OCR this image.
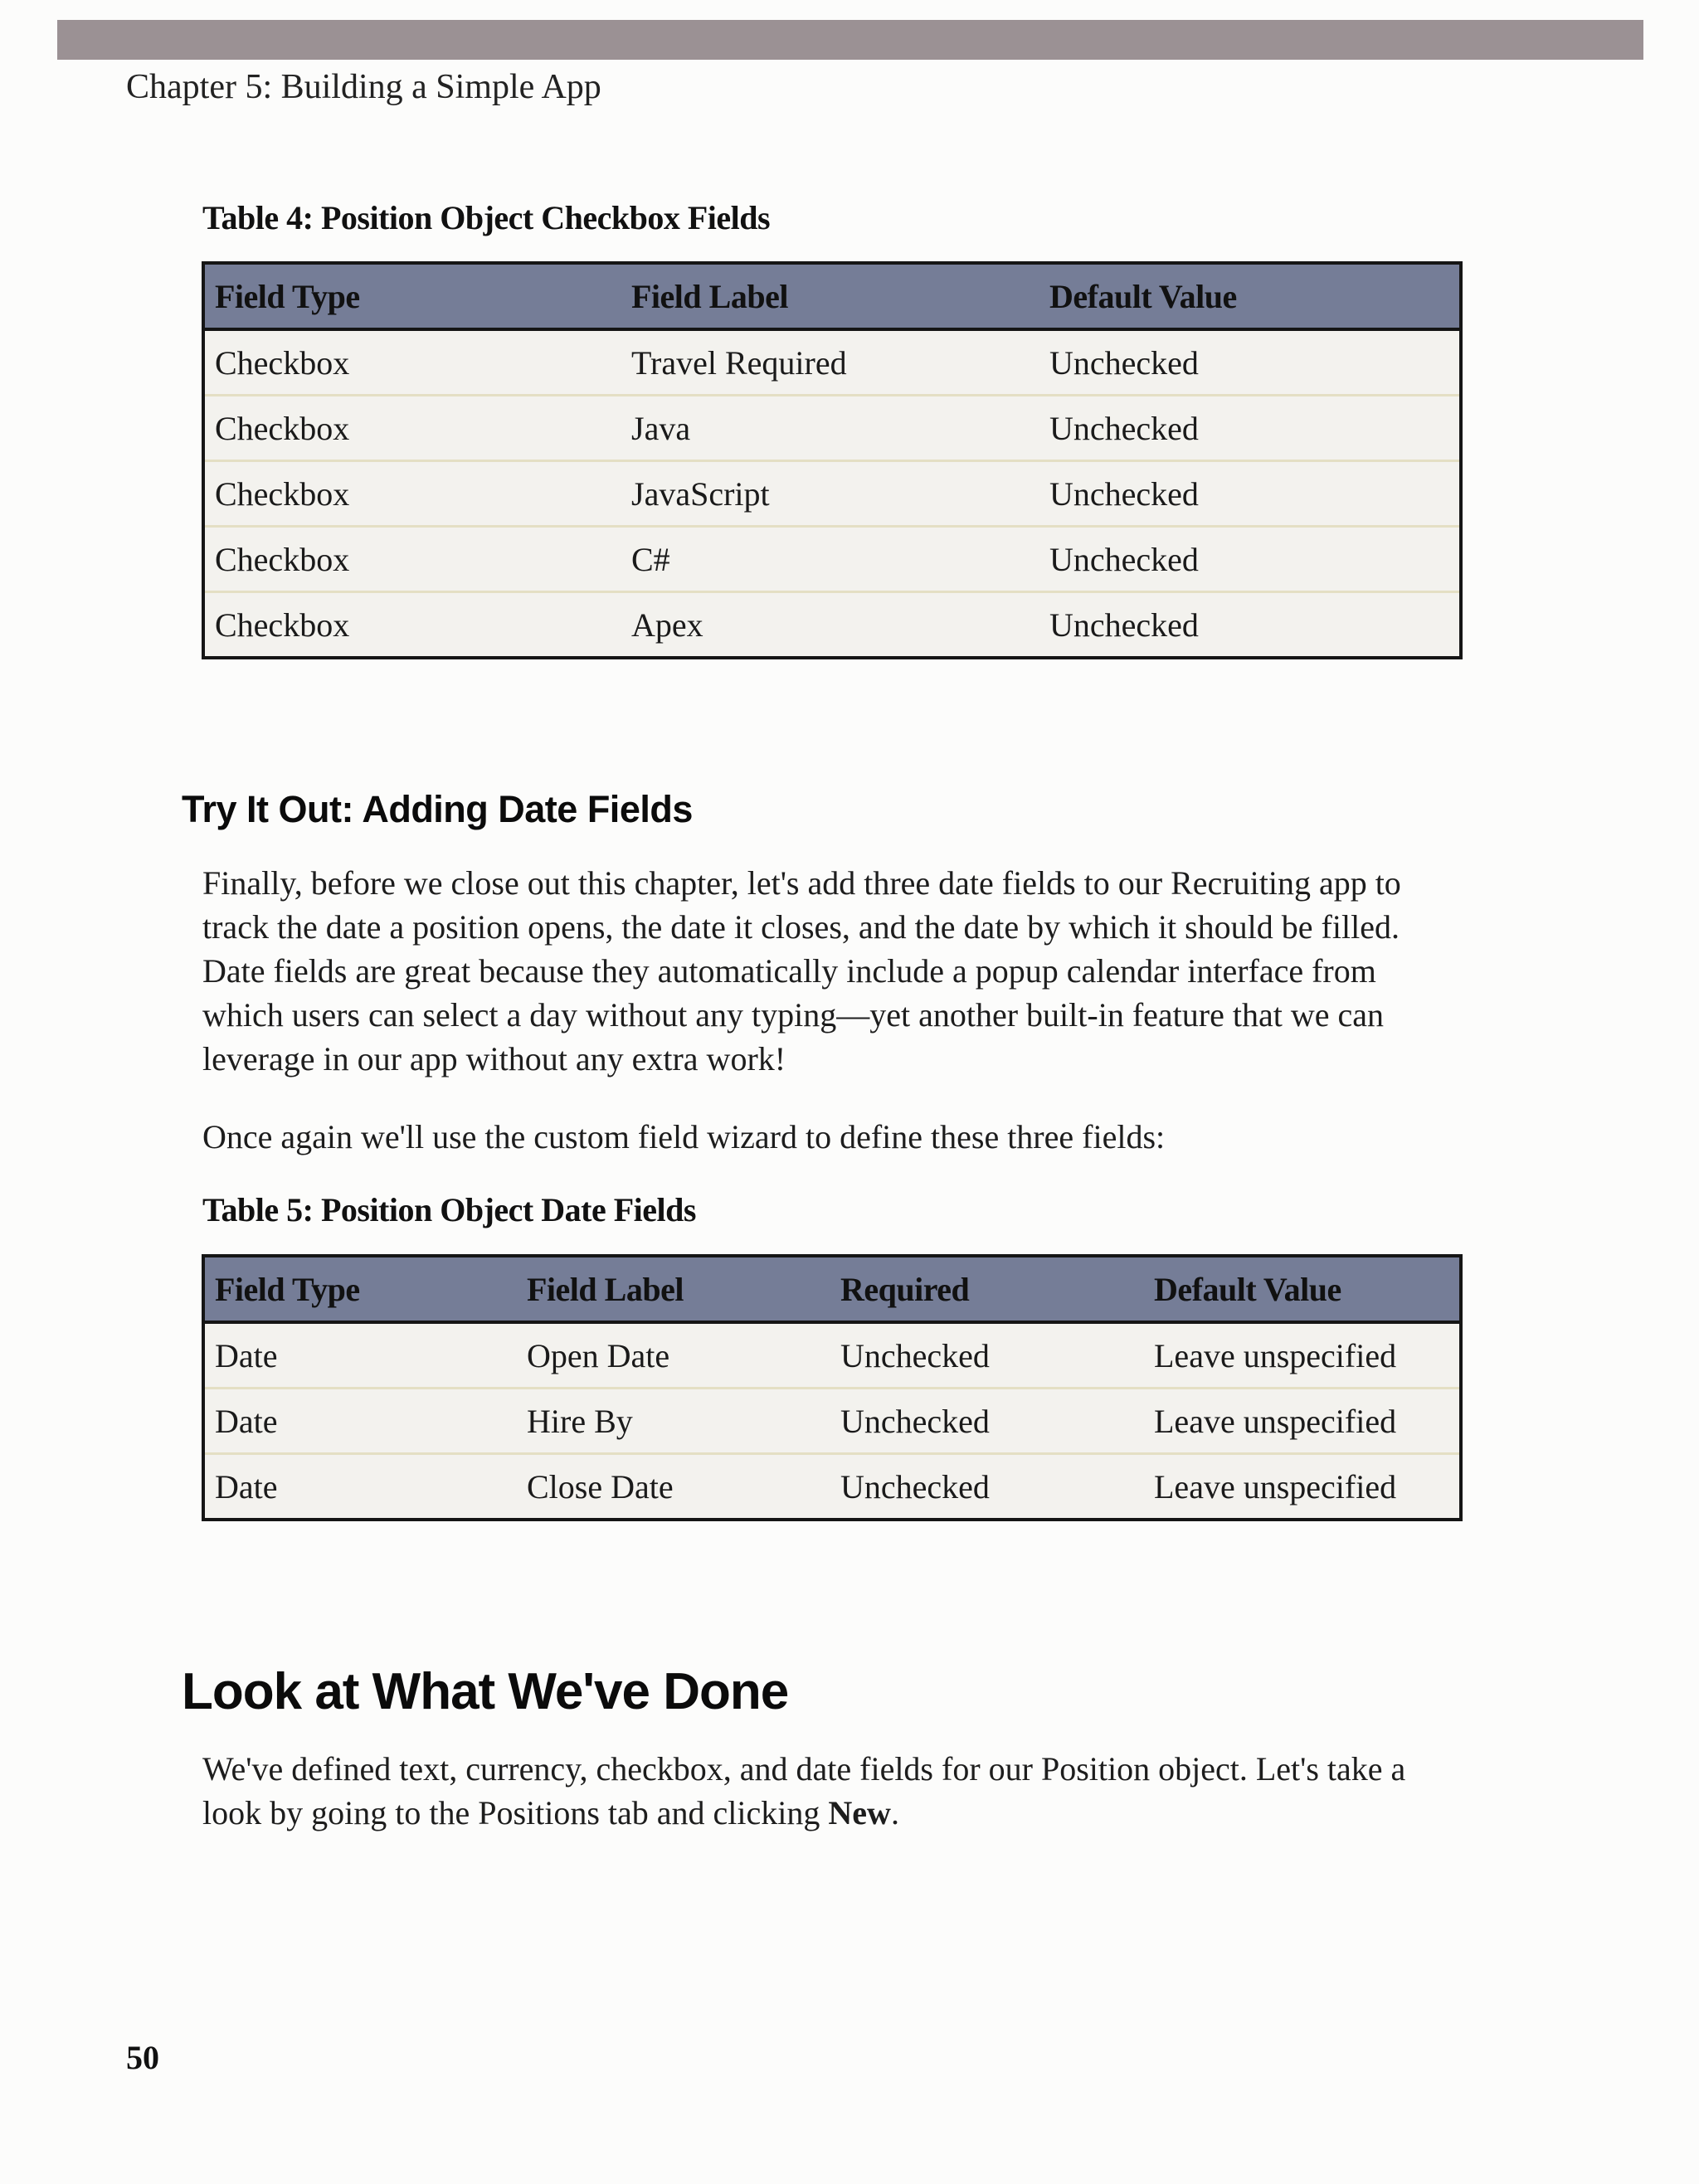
Chapter 5: Building a Simple App
Table 4: Position Object Checkbox Fields
Field Type	Field Label	Default Value
Checkbox	Travel Required	Unchecked
Checkbox	Java	Unchecked
Checkbox	JavaScript	Unchecked
Checkbox	C#	Unchecked
Checkbox	Apex	Unchecked
Try It Out: Adding Date Fields

Finally, before we close out this chapter, let's add three date fields to our Recruiting app to track the date a position opens, the date it closes, and the date by which it should be filled. Date fields are great because they automatically include a popup calendar interface from which users can select a day without any typing—yet another built-in feature that we can leverage in our app without any extra work!

Once again we'll use the custom field wizard to define these three fields:

Table 5: Position Object Date Fields
Field Type	Field Label	Required	Default Value
Date	Open Date	Unchecked	Leave unspecified
Date	Hire By	Unchecked	Leave unspecified
Date	Close Date	Unchecked	Leave unspecified
Look at What We've Done

We've defined text, currency, checkbox, and date fields for our Position object. Let's take a look by going to the Positions tab and clicking New.

50
